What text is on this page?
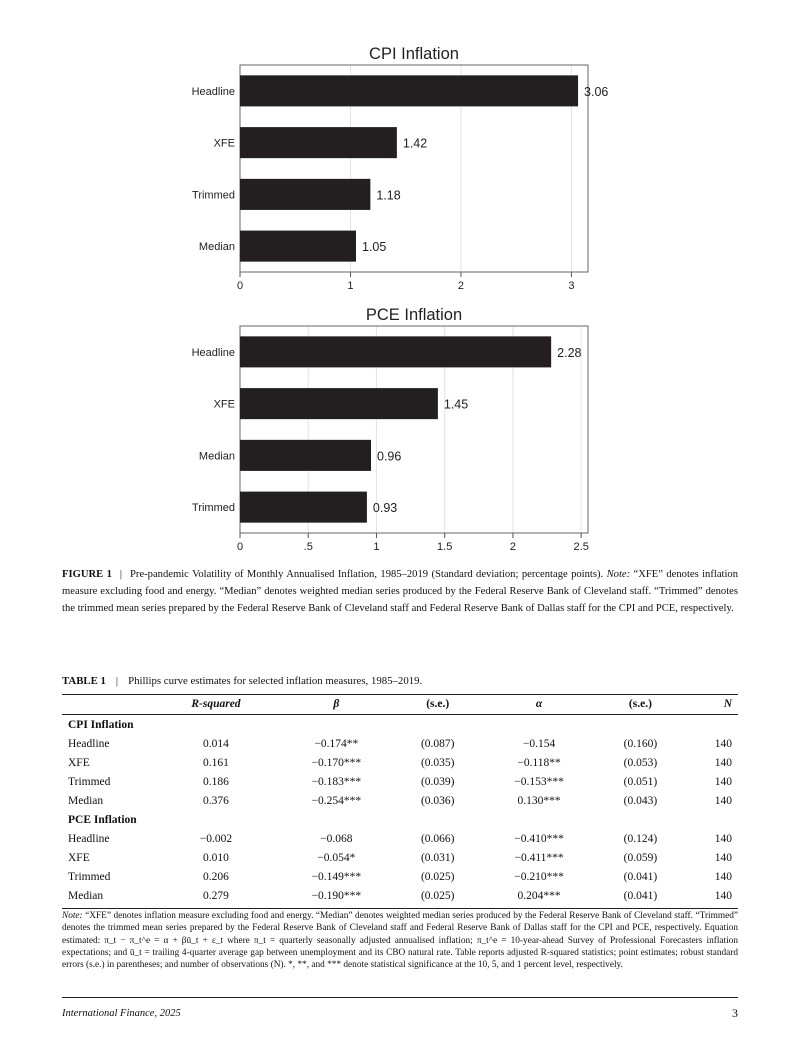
CPI Inflation
0	1	2	3
Headline	3.06
XFE	1.42
Trimmed	1.18
Median	1.05
PCE Inflation
0	.5	1	1.5	2	2.5
Headline	2.28
XFE	1.45
Median	0.96
Trimmed	0.93
FIGURE 1 | Pre-pandemic Volatility of Monthly Annualised Inflation, 1985–2019 (Standard deviation; percentage points). Note: “XFE” denotes inflation measure excluding food and energy. “Median” denotes weighted median series produced by the Federal Reserve Bank of Cleveland staff. “Trimmed” denotes the trimmed mean series prepared by the Federal Reserve Bank of Cleveland staff and Federal Reserve Bank of Dallas staff for the CPI and PCE, respectively.
TABLE 1 | Phillips curve estimates for selected inflation measures, 1985–2019.
	R-squared	β	(s.e.)	α	(s.e.)	N
CPI Inflation						
Headline	0.014	−0.174**	(0.087)	−0.154	(0.160)	140
XFE	0.161	−0.170***	(0.035)	−0.118**	(0.053)	140
Trimmed	0.186	−0.183***	(0.039)	−0.153***	(0.051)	140
Median	0.376	−0.254***	(0.036)	0.130***	(0.043)	140
PCE Inflation						
Headline	−0.002	−0.068	(0.066)	−0.410***	(0.124)	140
XFE	0.010	−0.054*	(0.031)	−0.411***	(0.059)	140
Trimmed	0.206	−0.149***	(0.025)	−0.210***	(0.041)	140
Median	0.279	−0.190***	(0.025)	0.204***	(0.041)	140
Note: “XFE” denotes inflation measure excluding food and energy. “Median” denotes weighted median series produced by the Federal Reserve Bank of Cleveland staff. “Trimmed” denotes the trimmed mean series prepared by the Federal Reserve Bank of Cleveland staff and Federal Reserve Bank of Dallas staff for the CPI and PCE, respectively. Equation estimated: π_t − π_t^e = α + βū_t + ε_t where π_t = quarterly seasonally adjusted annualised inflation; π_t^e = 10-year-ahead Survey of Professional Forecasters inflation expectations; and ū_t = trailing 4-quarter average gap between unemployment and its CBO natural rate. Table reports adjusted R-squared statistics; point estimates; robust standard errors (s.e.) in parentheses; and number of observations (N). *, **, and *** denote statistical significance at the 10, 5, and 1 percent level, respectively.
International Finance, 2025	3
